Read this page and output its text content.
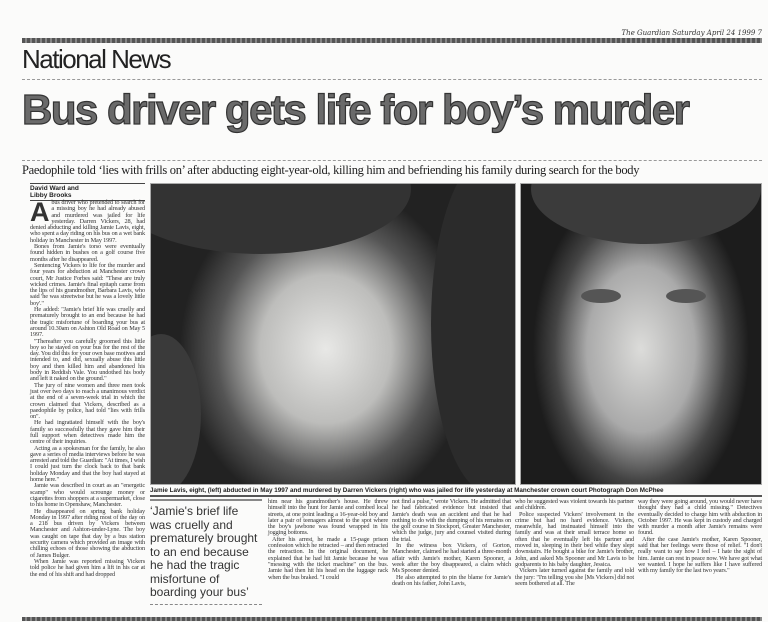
The Guardian Saturday April 24 1999 7
National News
Bus driver gets life for boy’s murder
Paedophile told ‘lies with frills on’ after abducting eight-year-old, killing him and befriending his family during search for the body
David Ward and
Libby Brooks

Abus driver who pretended to search for a missing boy he had already abused and murdered was jailed for life yesterday. Darren Vickers, 28, had denied abducting and killing Jamie Lavis, eight, who spent a day riding on his bus on a wet bank holiday in Manchester in May 1997.

Bones from Jamie's torso were eventually found hidden in bushes on a golf course five months after he disappeared.

Sentencing Vickers to life for the murder and four years for abduction at Manchester crown court, Mr Justice Forbes said: "These are truly wicked crimes. Jamie's final epitaph came from the lips of his grandmother, Barbara Lavis, who said 'he was streetwise but he was a lovely little boy'."

He added: "Jamie's brief life was cruelly and prematurely brought to an end because he had the tragic misfortune of boarding your bus at around 10.30am on Ashton Old Road on May 5 1997.

"Thereafter you carefully groomed this little boy so he stayed on your bus for the rest of the day. You did this for your own base motives and intended to, and did, sexually abuse this little boy and then killed him and abandoned his body in Reddish Vale. You undothed his body and left it naked on the ground."

The jury of nine women and three men took just over two days to reach a unanimous verdict at the end of a seven-week trial in which the crown claimed that Vickers, described as a paedophile by police, had told "lies with frills on".

He had ingratiated himself with the boy's family so successfully that they gave him their full support when detectives made him the centre of their inquiries.

Acting as a spokesman for the family, he also gave a series of media interviews before he was arrested and told the Guardian: "At times, I wish I could just turn the clock back to that bank holiday Monday and that the boy had stayed at home here."

Jamie was described in court as an "energetic scamp" who would scrounge money or cigarettes from shoppers at a supermarket, close to his home in Openshaw, Manchester.

He disappeared on spring bank holiday Monday in 1997 after riding most of the day on a 218 bus driven by Vickers between Manchester and Ashton-under-Lyne. The boy was caught on tape that day by a bus station security camera which provided an image with chilling echoes of those showing the abduction of James Bulger.

When Jamie was reported missing Vickers told police he had given him a lift in his car at the end of his shift and had dropped

Jamie Lavis, eight, (left) abducted in May 1997 and murdered by Darren Vickers (right) who was jailed for life yesterday at Manchester crown court Photograph Don McPhee
‘Jamie's brief life was cruelly and prematurely brought to an end because he had the tragic misfortune of boarding your bus’

him near his grandmother's house. He threw himself into the hunt for Jamie and combed local streets, at one point leading a 16-year-old boy and later a pair of teenagers almost to the spot where the boy's jawbone was found wrapped in his jogging bottoms.

After his arrest, he made a 15-page prison confession which he retracted – and then retracted the retraction. In the original document, he explained that he had hit Jamie because he was "messing with the ticket machine" on the bus. Jamie had then hit his head on the luggage rack when the bus braked. "I could

not find a pulse," wrote Vickers. He admitted that he had fabricated evidence but insisted that Jamie's death was an accident and that he had nothing to do with the dumping of his remains on the golf course in Stockport, Greater Manchester, which the judge, jury and counsel visited during the trial.

In the witness box Vickers, of Gorton, Manchester, claimed he had started a three-month affair with Jamie's mother, Karen Spooner, a week after the boy disappeared, a claim which Ms Spooner denied.

He also attempted to pin the blame for Jamie's death on his father, John Lavis,

who he suggested was violent towards his partner and children.

Police suspected Vickers' involvement in the crime but had no hard evidence. Vickers, meanwhile, had insinuated himself into the family and was at their small terrace home so often that he eventually left his partner and moved in, sleeping in their bed while they slept downstairs. He bought a bike for Jamie's brother, John, and asked Ms Spooner and Mr Lavis to be godparents to his baby daughter, Jessica.

Vickers later turned against the family and told the jury: "I'm telling you she [Ms Vickers] did not seem bothered at all. The

way they were going around, you would never have thought they had a child missing." Detectives eventually decided to charge him with abduction in October 1997. He was kept in custody and charged with murder a month after Jamie's remains were found.

After the case Jamie's mother, Karen Spooner, said that her feelings were those of relief. "I don't really want to say how I feel – I hate the sight of him. Jamie can rest in peace now. We have got what we wanted. I hope he suffers like I have suffered with my family for the last two years."
